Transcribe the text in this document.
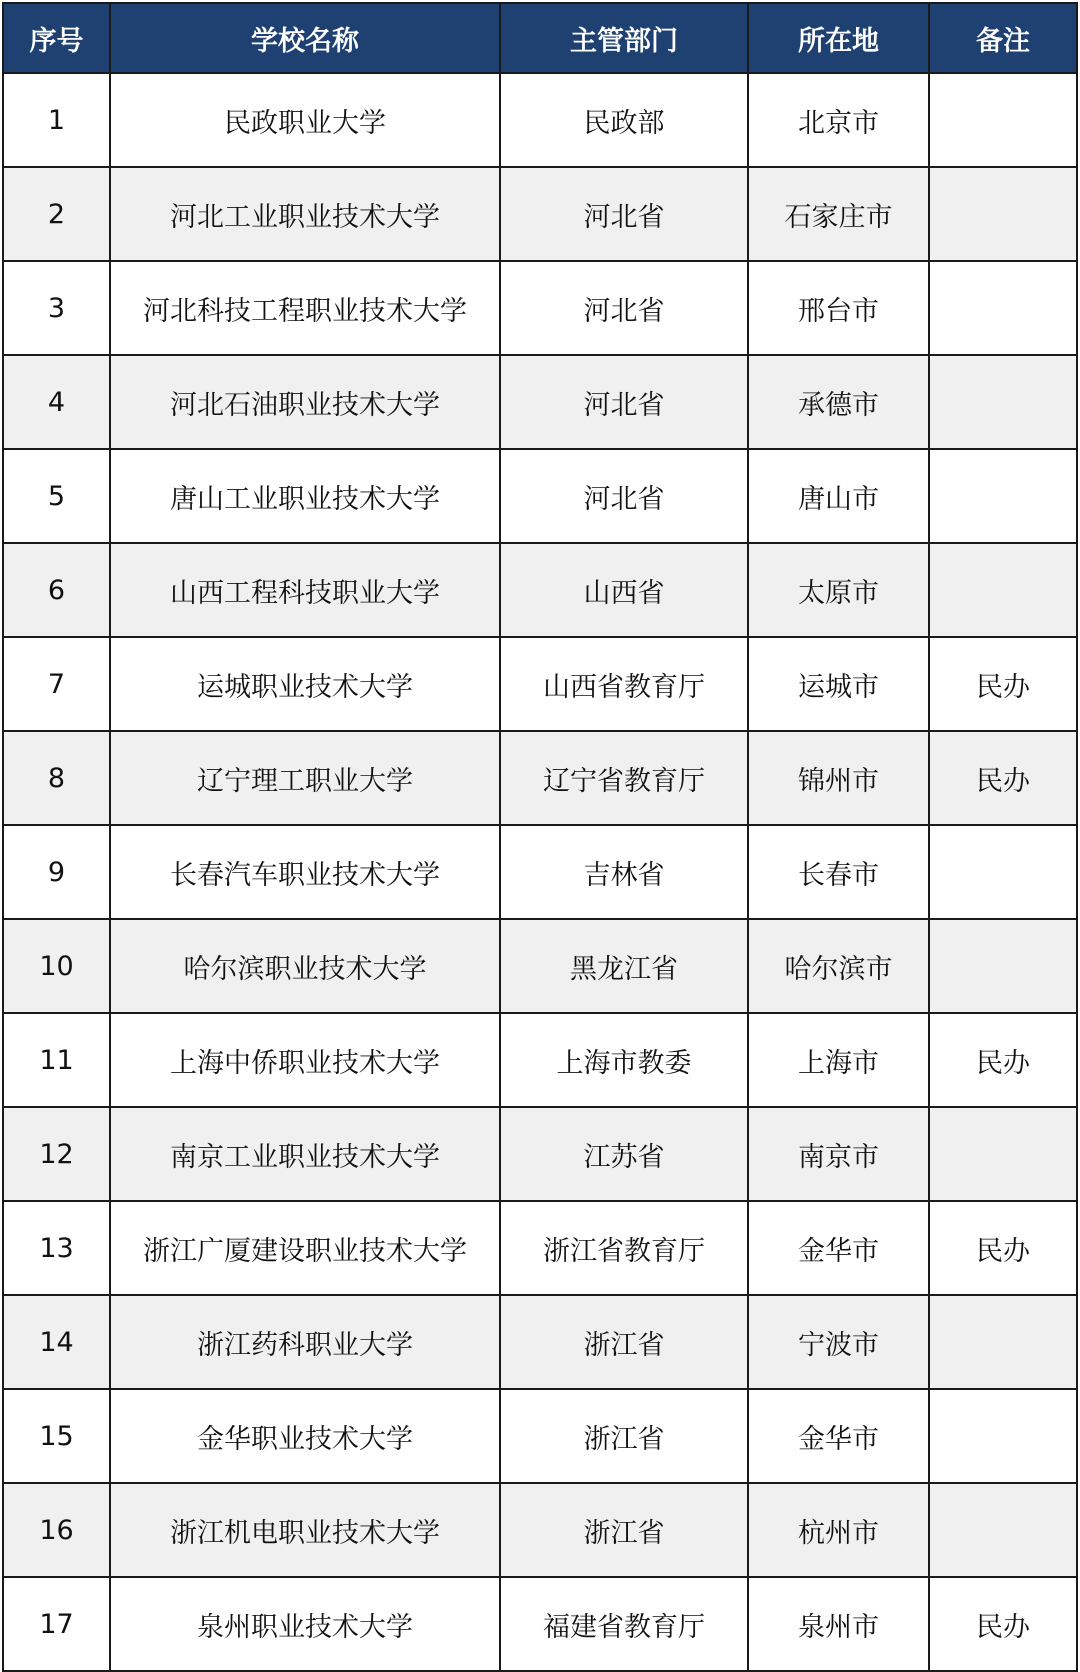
序号	学校名称	主管部门	所在地	备注
1	民政职业大学	民政部	北京市	
2	河北工业职业技术大学	河北省	石家庄市	
3	河北科技工程职业技术大学	河北省	邢台市	
4	河北石油职业技术大学	河北省	承德市	
5	唐山工业职业技术大学	河北省	唐山市	
6	山西工程科技职业大学	山西省	太原市	
7	运城职业技术大学	山西省教育厅	运城市	民办
8	辽宁理工职业大学	辽宁省教育厅	锦州市	民办
9	长春汽车职业技术大学	吉林省	长春市	
10	哈尔滨职业技术大学	黑龙江省	哈尔滨市	
11	上海中侨职业技术大学	上海市教委	上海市	民办
12	南京工业职业技术大学	江苏省	南京市	
13	浙江广厦建设职业技术大学	浙江省教育厅	金华市	民办
14	浙江药科职业大学	浙江省	宁波市	
15	金华职业技术大学	浙江省	金华市	
16	浙江机电职业技术大学	浙江省	杭州市	
17	泉州职业技术大学	福建省教育厅	泉州市	民办
